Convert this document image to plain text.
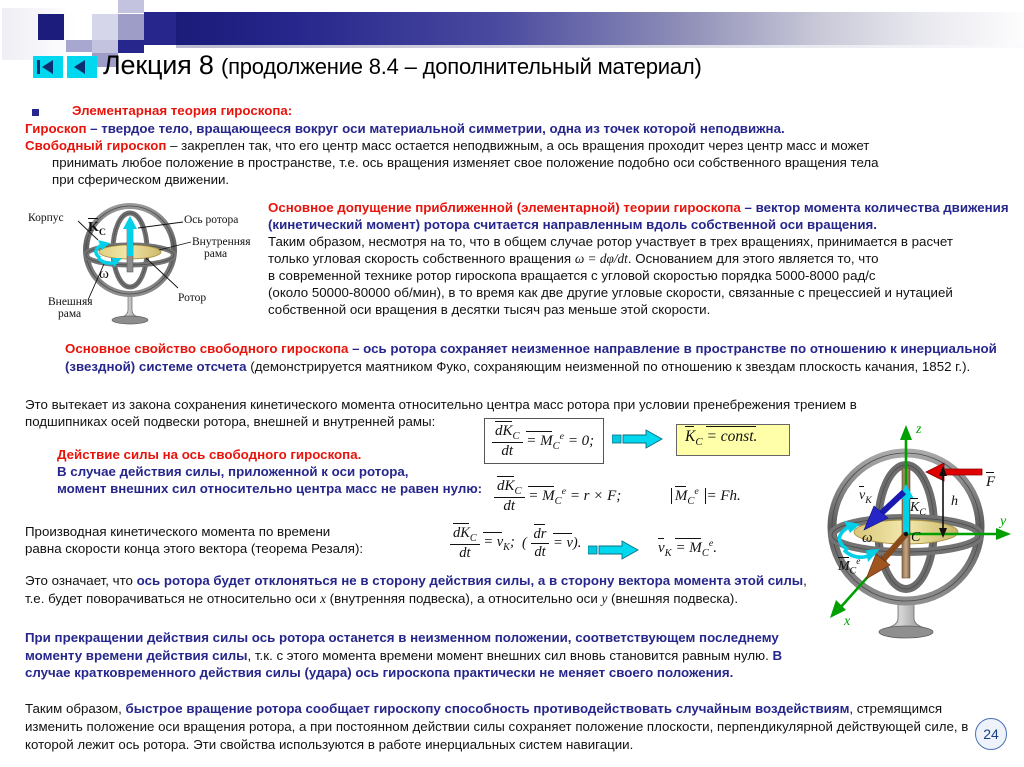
Лекция 8 (продолжение 8.4 – дополнительный материал)
Элементарная теория гироскопа:
Гироскоп – твердое тело, вращающееся вокруг оси материальной симметрии, одна из точек которой неподвижна.
Свободный гироскоп – закреплен так, что его центр масс остается неподвижным, а ось вращения проходит через центр масс и может
принимать любое положение в пространстве, т.е. ось вращения изменяет свое положение подобно оси собственного вращения тела
при сферическом движении.
Корпус	Ось ротора
Внутренняя
рама
Ротор
Внешняя
рама
$K_C$
ω
Основное допущение приближенной (элементарной) теории гироскопа – вектор момента количества движения (кинетический момент) ротора считается направленным вдоль собственной оси вращения.
Таким образом, несмотря на то, что в общем случае ротор участвует в трех вращениях, принимается в расчет
только угловая скорость собственного вращения ω = dφ/dt. Основанием для этого является то, что
в современной технике ротор гироскопа вращается с угловой скоростью порядка 5000-8000 рад/с
(около 50000-80000 об/мин), в то время как две другие угловые скорости, связанные с прецессией и нутацией
собственной оси вращения в десятки тысяч раз меньше этой скорости.
Основное свойство свободного гироскопа – ось ротора сохраняет неизменное направление в пространстве по отношению к инерциальной (звездной) системе отсчета (демонстрируется маятником Фуко, сохраняющим неизменной по отношению к звездам плоскость качания, 1852 г.).
Это вытекает из закона сохранения кинетического момента относительно центра масс ротора при условии пренебрежения трением в
подшипниках осей подвески ротора, внешней и внутренней рамы:
$dK_C$
dt
= $M_C^e = 0$;	$K_C$ = const.
Действие силы на ось свободного гироскопа.
В случае действия силы, приложенной к оси ротора,
момент внешних сил относительно центра масс не равен нулю: $dK_C$
dt
= $M_C^e = r \times F$;	$M_C^e = Fh$.
Производная кинетического момента по времени
равна скорости конца этого вектора (теорема Резаля):
$dK_C$
dt
= $v_K$;  ( $\frac{dr}{dt} = v$).	$v_K = M_C^e$.
Это означает, что ось ротора будет отклоняться не в сторону действия силы, а в сторону вектора момента этой силы, т.е. будет поворачиваться не относительно оси x (внутренняя подвеска), а относительно оси y (внешняя подвеска).
При прекращении действия силы ось ротора останется в неизменном положении, соответствующем последнему моменту времени действия силы, т.к. с этого момента времени момент внешних сил вновь становится равным нулю. В случае кратковременного действия силы (удара) ось гироскопа практически не меняет своего положения.
Таким образом, быстрое вращение ротора сообщает гироскопу способность противодействовать случайным воздействиям, стремящимся изменить положение оси вращения ротора, а при постоянном действии силы сохраняет положение плоскости, перпендикулярной действующей силе, в которой лежит ось ротора. Эти свойства используются в работе инерциальных систем навигации.
z
y
x
F
h
$v_K$	$K_C$
C
ω
$M_C^e$
24
